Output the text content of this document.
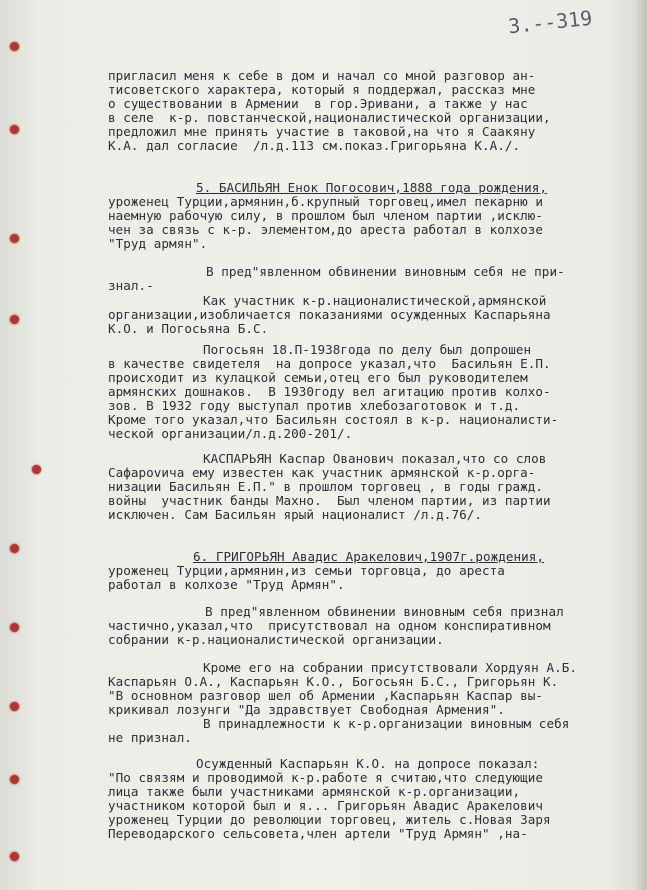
3.--319
пригласил меня к себе в дом и начал со мной разговор ан-
тисоветского характера, который я поддержал, рассказ мне
о существовании в Армении  в гор.Эривани, а также у нас
в селе  к-р. повстанческой,националистической организации,
предложил мне принять участие в таковой,на что я Саакяну
К.А. дал согласие  /л.д.113 см.показ.Григорьяна К.А./.
5. БАСИЛЬЯН Енок Погосович,1888 года рождения,
уроженец Турции,армянин,б.крупный торговец,имел пекарню и
наемную рабочую силу, в прошлом был членом партии ,исклю-
чен за связь с к-р. элементом,до ареста работал в колхозе
"Труд армян".
В пред"явленном обвинении виновным себя не при-
знал.-
Как участник к-р.националистической,армянской
организации,изобличается показаниями осужденных Каспарьяна
К.О. и Погосьяна Б.С.
Погосьян 18.П-1938года по делу был допрошен
в качестве свидетеля  на допросе указал,что  Басильян Е.П.
происходит из кулацкой семьи,отец его был руководителем
армянских дошнаков.  В 1930году вел агитацию против колхо-
зов. В 1932 году выступал против хлебозаготовок и т.д.
Кроме того указал,что Басильян состоял в к-р. националисти-
ческой организации/л.д.200-201/.
КАСПАРЬЯН Каспар Ованович показал,что со слов
Сафароvича ему известен как участник армянской к-р.орга-
низации Басильян Е.П." в прошлом торговец , в годы гражд.
войны  участник банды Махно.  Был членом партии, из партии
исключен. Сам Басильян ярый националист /л.д.76/.
6. ГРИГОРЬЯН Авадис Аракелович,1907г.рождения,
уроженец Турции,армянин,из семьи торговца, до ареста
работал в колхозе "Труд Армян".
В пред"явленном обвинении виновным себя признал
частично,указал,что  присутствовал на одном конспиративном
собрании к-р.националистической организации.
Кроме его на собрании присутствовали Хордуян А.Б.
Каспарьян О.А., Каспарьян К.О., Богосьян Б.С., Григорьян К.
"В основном разговор шел об Армении ,Каспарьян Каспар вы-
крикивал лозунги "Да здравствует Свободная Армения".
В принадлежности к к-р.организации виновным себя
не признал.
Осужденный Каспарьян К.О. на допросе показал:
"По связям и проводимой к-р.работе я считаю,что следующие
лица также были участниками армянской к-р.организации,
участником которой был и я... Григорьян Авадис Аракелович
уроженец Турции до революции торговец, житель с.Новая Заря
Переводарского сельсовета,член артели "Труд Армян" ,на-
